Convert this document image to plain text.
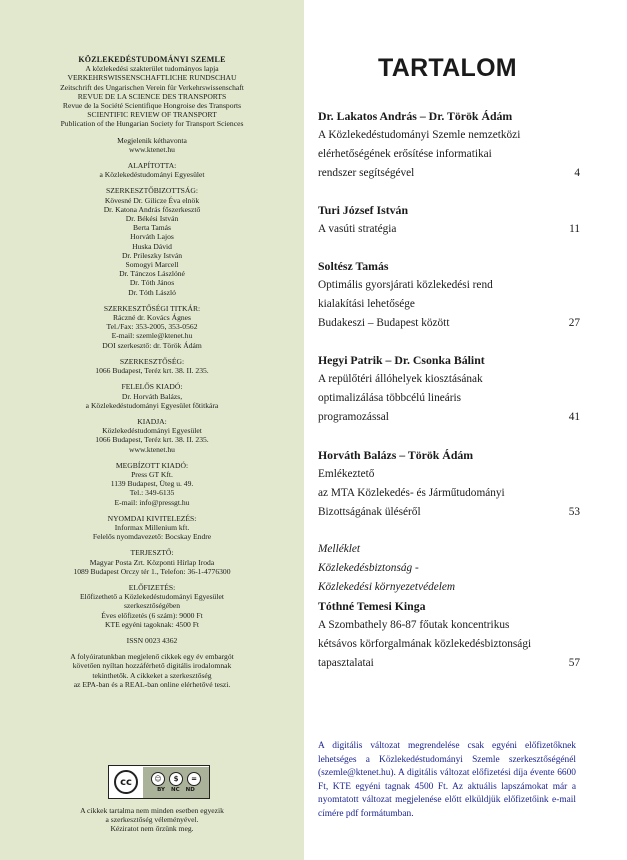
KÖZLEKEDÉSTUDOMÁNYI SZEMLE
A közlekedési szakterület tudományos lapja
VERKEHRSWISSENSCHAFTLICHE RUNDSCHAU
Zeitschrift des Ungarischen Verein für Verkehrswissenschaft
REVUE DE LA SCIENCE DES TRANSPORTS
Revue de la Société Scientifique Hongroise des Transports
SCIENTIFIC REVIEW OF TRANSPORT
Publication of the Hungarian Society for Transport Sciences
Megjelenik kéthavonta
www.ktenet.hu
ALAPÍTOTTA:
a Közlekedéstudományi Egyesület
SZERKESZTŐBIZOTTSÁG:
Kövesné Dr. Gilicze Éva elnök
Dr. Katona András főszerkesztő
Dr. Békési István
Berta Tamás
Horváth Lajos
Huska Dávid
Dr. Prileszky István
Somogyi Marcell
Dr. Tánczos Lászlóné
Dr. Tóth János
Dr. Tóth László
SZERKESZTŐSÉGI TITKÁR:
Ráczné dr. Kovács Ágnes
Tel./Fax: 353-2005, 353-0562
E-mail: szemle@ktenet.hu
DOI szerkesztő: dr. Török Ádám
SZERKESZTŐSÉG:
1066 Budapest, Teréz krt. 38. II. 235.
FELELŐS KIADÓ:
Dr. Horváth Balázs,
a Közlekedéstudományi Egyesület főtitkára
KIADJA:
Közlekedéstudományi Egyesület
1066 Budapest, Teréz krt. 38. II. 235.
www.ktenet.hu
MEGBÍZOTT KIADÓ:
Press GT Kft.
1139 Budapest, Üteg u. 49.
Tel.: 349-6135
E-mail: info@pressgt.hu
NYOMDAI KIVITELEZÉS:
Informax Millenium kft.
Felelős nyomdavezető: Bocskay Endre
TERJESZTŐ:
Magyar Posta Zrt. Központi Hírlap Iroda
1089 Budapest Orczy tér 1., Telefon: 36-1-4776300
ELŐFIZETÉS:
Előfizethető a Közlekedéstudományi Egyesület
szerkesztőségében
Éves előfizetés (6 szám): 9000 Ft
KTE egyéni tagoknak: 4500 Ft
ISSN 0023 4362
A folyóiratunkban megjelenő cikkek egy év embargót
követően nyíltan hozzáférhető digitális irodalomnak
tekinthetők. A cikkeket a szerkesztőség
az EPA-ban és a REAL-ban online elérhetővé teszi.
cc	☺	$	=
BY NC ND
A cikkek tartalma nem minden esetben egyezik
a szerkesztőség véleményével.
Kéziratot nem őrzünk meg.
TARTALOM
Dr. Lakatos András – Dr. Török Ádám
A Közlekedéstudományi Szemle nemzetközi
elérhetőségének erősítése informatikai
rendszer segítségével	4
Turi József István
A vasúti stratégia	11
Soltész Tamás
Optimális gyorsjárati közlekedési rend
kialakítási lehetősége
Budakeszi – Budapest között	27
Hegyi Patrik – Dr. Csonka Bálint
A repülőtéri állóhelyek kiosztásának
optimalizálása többcélú lineáris
programozással	41
Horváth Balázs – Török Ádám
Emlékeztető
az MTA Közlekedés- és Járműtudományi
Bizottságának üléséről	53
Melléklet
Közlekedésbiztonság -
Közlekedési környezetvédelem
Tóthné Temesi Kinga
A Szombathely 86-87 főutak koncentrikus
kétsávos körforgalmának közlekedésbiztonsági
tapasztalatai	57
A digitális változat megrendelése csak egyéni előfizetőknek lehetséges a Közlekedéstudományi Szemle szerkesztőségénél (szemle@ktenet.hu). A digitális változat előfizetési díja évente 6600 Ft, KTE egyéni tagnak 4500 Ft. Az aktuális lapszámokat már a nyomtatott változat megjelenése előtt elküldjük előfizetőink e-mail címére pdf formátumban.
